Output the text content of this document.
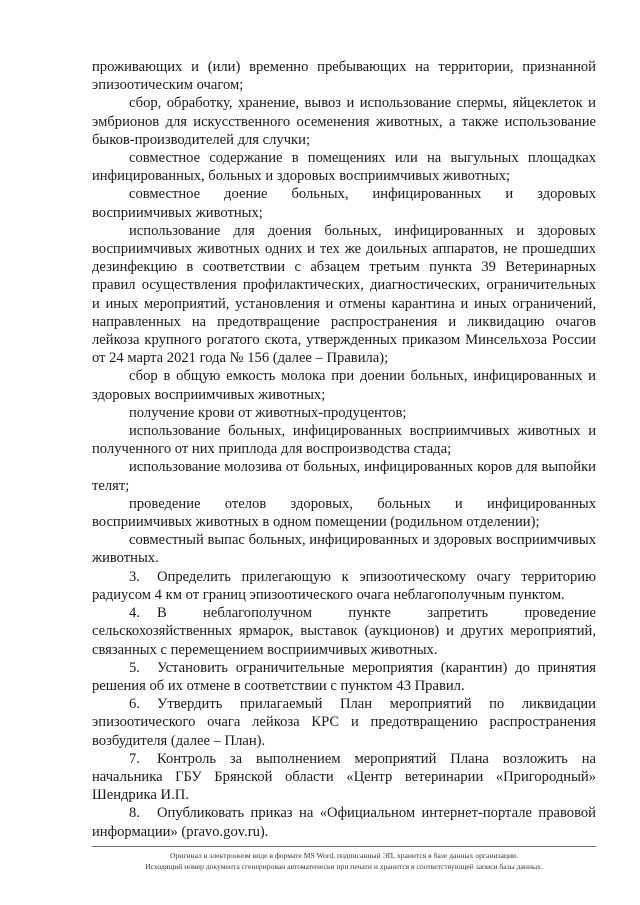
проживающих и (или) временно пребывающих на территории, признанной эпизоотическим очагом;

сбор, обработку, хранение, вывоз и использование спермы, яйцеклеток и эмбрионов для искусственного осеменения животных, а также использование быков-производителей для случки;

совместное содержание в помещениях или на выгульных площадках инфицированных, больных и здоровых восприимчивых животных;

совместное доение больных, инфицированных и здоровых восприимчивых животных;

использование для доения больных, инфицированных и здоровых восприимчивых животных одних и тех же доильных аппаратов, не прошедших дезинфекцию в соответствии с абзацем третьим пункта 39 Ветеринарных правил осуществления профилактических, диагностических, ограничительных и иных мероприятий, установления и отмены карантина и иных ограничений, направленных на предотвращение распространения и ликвидацию очагов лейкоза крупного рогатого скота, утвержденных приказом Минсельхоза России от 24 марта 2021 года № 156 (далее – Правила);

сбор в общую емкость молока при доении больных, инфицированных и здоровых восприимчивых животных;

получение крови от животных-продуцентов;

использование больных, инфицированных восприимчивых животных и полученного от них приплода для воспроизводства стада;

использование молозива от больных, инфицированных коров для выпойки телят;

проведение отелов здоровых, больных и инфицированных восприимчивых животных в одном помещении (родильном отделении);

совместный выпас больных, инфицированных и здоровых восприимчивых животных.

3. Определить прилегающую к эпизоотическому очагу территорию радиусом 4 км от границ эпизоотического очага неблагополучным пунктом.

4. В неблагополучном пункте запретить проведение сельскохозяйственных ярмарок, выставок (аукционов) и других мероприятий, связанных с перемещением восприимчивых животных.

5. Установить ограничительные мероприятия (карантин) до принятия решения об их отмене в соответствии с пунктом 43 Правил.

6. Утвердить прилагаемый План мероприятий по ликвидации эпизоотического очага лейкоза КРС и предотвращению распространения возбудителя (далее – План).

7. Контроль за выполнением мероприятий Плана возложить на начальника ГБУ Брянской области «Центр ветеринарии «Пригородный» Шендрика И.П.

8. Опубликовать приказ на «Официальном интернет-портале правовой информации» (pravo.gov.ru).

Оригинал в электронном виде в формате MS Word, подписанный ЭП, хранится в базе данных организации.
Исходящий номер документа сгенерирован автоматически при печати и хранится в соответствующей записи базы данных.
